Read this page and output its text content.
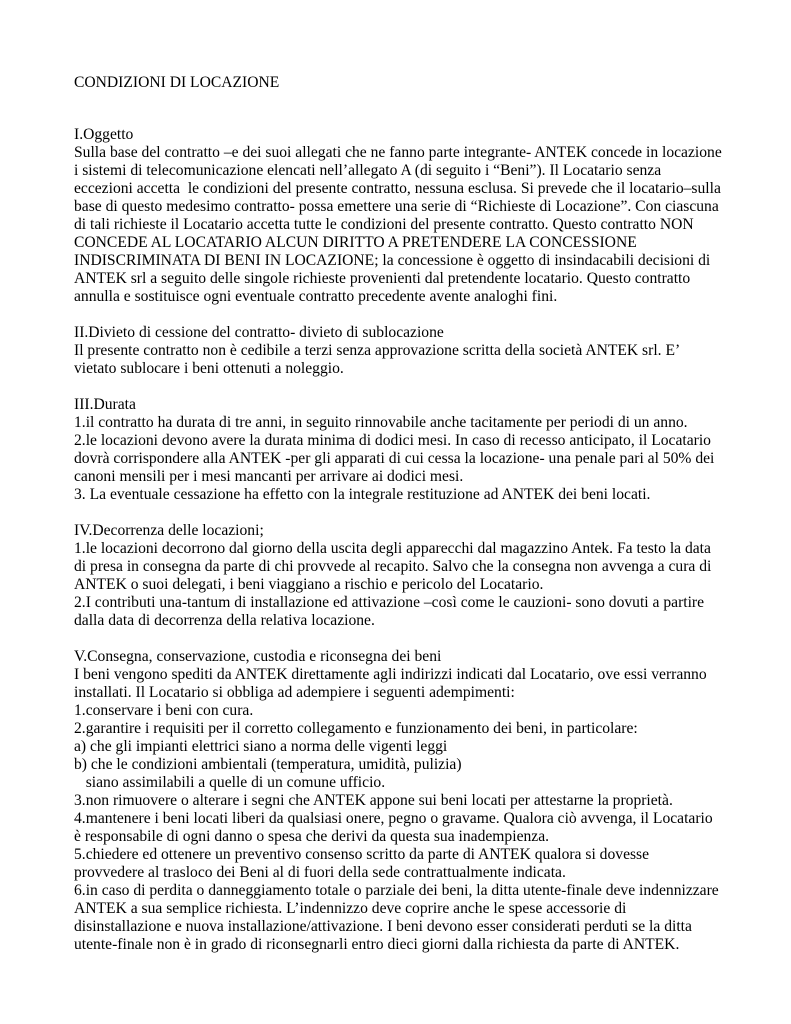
CONDIZIONI DI LOCAZIONE
I.Oggetto
Sulla base del contratto –e dei suoi allegati che ne fanno parte integrante- ANTEK concede in locazione
i sistemi di telecomunicazione elencati nell’allegato A (di seguito i “Beni”). Il Locatario senza
eccezioni accetta  le condizioni del presente contratto, nessuna esclusa. Si prevede che il locatario–sulla
base di questo medesimo contratto- possa emettere una serie di “Richieste di Locazione”. Con ciascuna
di tali richieste il Locatario accetta tutte le condizioni del presente contratto. Questo contratto NON
CONCEDE AL LOCATARIO ALCUN DIRITTO A PRETENDERE LA CONCESSIONE
INDISCRIMINATA DI BENI IN LOCAZIONE; la concessione è oggetto di insindacabili decisioni di
ANTEK srl a seguito delle singole richieste provenienti dal pretendente locatario. Questo contratto
annulla e sostituisce ogni eventuale contratto precedente avente analoghi fini.
II.Divieto di cessione del contratto- divieto di sublocazione
Il presente contratto non è cedibile a terzi senza approvazione scritta della società ANTEK srl. E’
vietato sublocare i beni ottenuti a noleggio.
III.Durata
1.il contratto ha durata di tre anni, in seguito rinnovabile anche tacitamente per periodi di un anno.
2.le locazioni devono avere la durata minima di dodici mesi. In caso di recesso anticipato, il Locatario
dovrà corrispondere alla ANTEK -per gli apparati di cui cessa la locazione- una penale pari al 50% dei
canoni mensili per i mesi mancanti per arrivare ai dodici mesi.
3. La eventuale cessazione ha effetto con la integrale restituzione ad ANTEK dei beni locati.
IV.Decorrenza delle locazioni;
1.le locazioni decorrono dal giorno della uscita degli apparecchi dal magazzino Antek. Fa testo la data
di presa in consegna da parte di chi provvede al recapito. Salvo che la consegna non avvenga a cura di
ANTEK o suoi delegati, i beni viaggiano a rischio e pericolo del Locatario.
2.I contributi una-tantum di installazione ed attivazione –così come le cauzioni- sono dovuti a partire
dalla data di decorrenza della relativa locazione.
V.Consegna, conservazione, custodia e riconsegna dei beni
I beni vengono spediti da ANTEK direttamente agli indirizzi indicati dal Locatario, ove essi verranno
installati. Il Locatario si obbliga ad adempiere i seguenti adempimenti:
1.conservare i beni con cura.
2.garantire i requisiti per il corretto collegamento e funzionamento dei beni, in particolare:
a) che gli impianti elettrici siano a norma delle vigenti leggi
b) che le condizioni ambientali (temperatura, umidità, pulizia)
siano assimilabili a quelle di un comune ufficio.
3.non rimuovere o alterare i segni che ANTEK appone sui beni locati per attestarne la proprietà.
4.mantenere i beni locati liberi da qualsiasi onere, pegno o gravame. Qualora ciò avvenga, il Locatario
è responsabile di ogni danno o spesa che derivi da questa sua inadempienza.
5.chiedere ed ottenere un preventivo consenso scritto da parte di ANTEK qualora si dovesse
provvedere al trasloco dei Beni al di fuori della sede contrattualmente indicata.
6.in caso di perdita o danneggiamento totale o parziale dei beni, la ditta utente-finale deve indennizzare
ANTEK a sua semplice richiesta. L’indennizzo deve coprire anche le spese accessorie di
disinstallazione e nuova installazione/attivazione. I beni devono esser considerati perduti se la ditta
utente-finale non è in grado di riconsegnarli entro dieci giorni dalla richiesta da parte di ANTEK.
